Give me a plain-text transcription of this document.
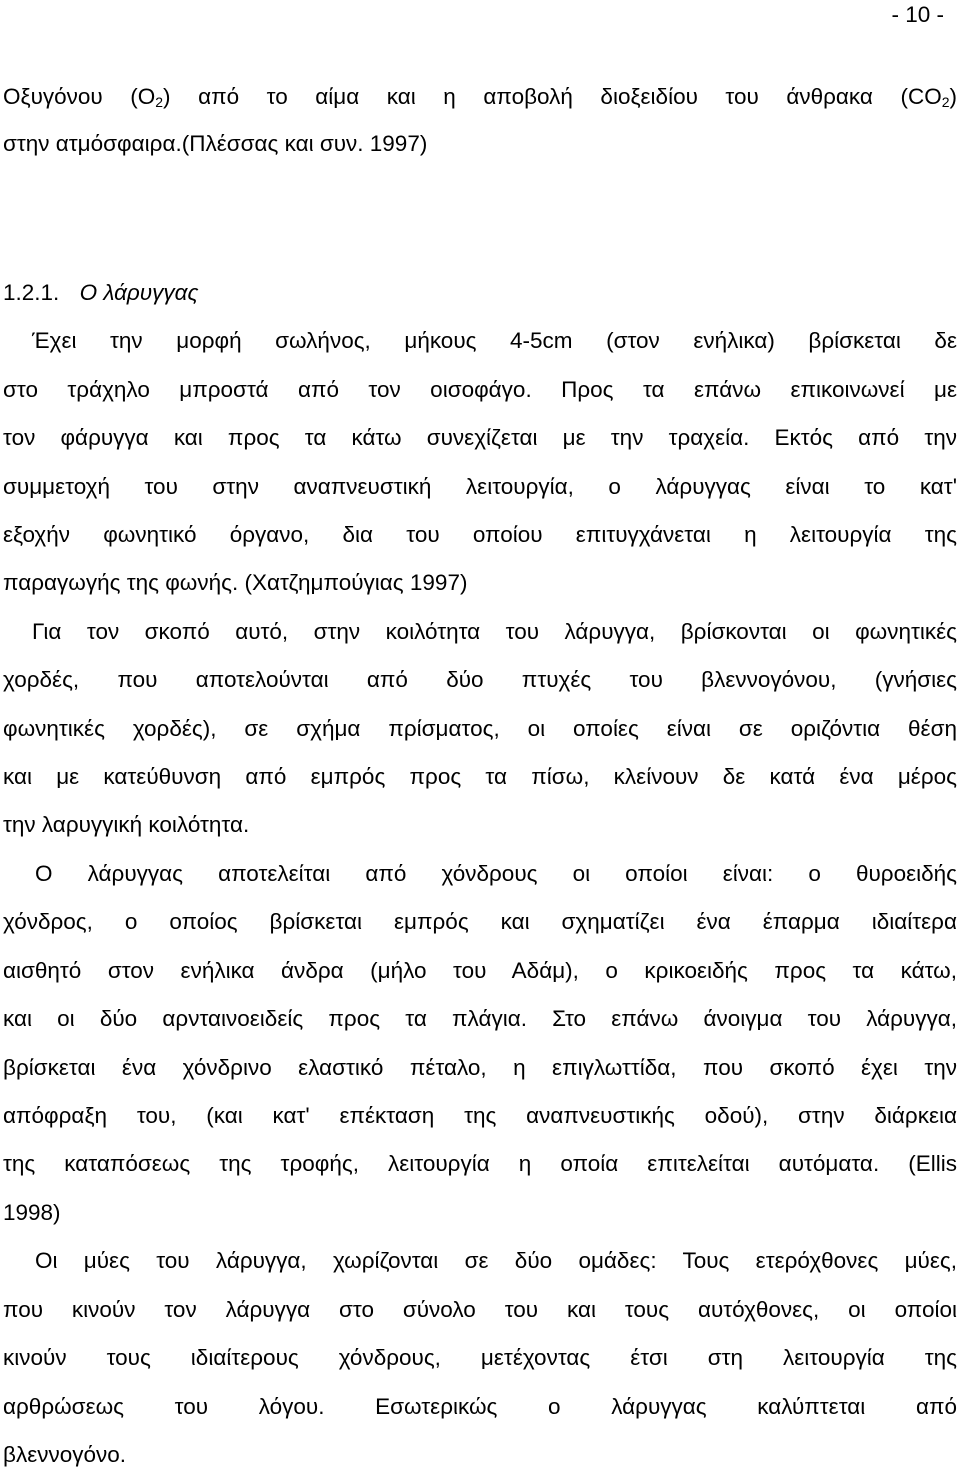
- 10 -
Οξυγόνου $(O_2)$ από το αίμα και η αποβολή διοξειδίου του άνθρακα $(CO_2)$
στην ατμόσφαιρα.(Πλέσσας και συν. 1997)
1.2.1. Ο λάρυγγας
Έχει την μορφή σωλήνος, μήκους 4-5cm (στον ενήλικα) βρίσκεται δε
στο τράχηλο μπροστά από τον οισοφάγο. Προς τα επάνω επικοινωνεί με
τον φάρυγγα και προς τα κάτω συνεχίζεται με την τραχεία. Εκτός από την
συμμετοχή του στην αναπνευστική λειτουργία, ο λάρυγγας είναι το κατ'
εξοχήν φωνητικό όργανο, δια του οποίου επιτυγχάνεται η λειτουργία της
παραγωγής της φωνής. (Χατζημπούγιας 1997)
Για τον σκοπό αυτό, στην κοιλότητα του λάρυγγα, βρίσκονται οι φωνητικές
χορδές, που αποτελούνται από δύο πτυχές του βλεννογόνου, (γνήσιες
φωνητικές χορδές), σε σχήμα πρίσματος, οι οποίες είναι σε οριζόντια θέση
και με κατεύθυνση από εμπρός προς τα πίσω, κλείνουν δε κατά ένα μέρος
την λαρυγγική κοιλότητα.
Ο λάρυγγας αποτελείται από χόνδρους οι οποίοι είναι: ο θυροειδής
χόνδρος, ο οποίος βρίσκεται εμπρός και σχηματίζει ένα έπαρμα ιδιαίτερα
αισθητό στον ενήλικα άνδρα (μήλο του Αδάμ), ο κρικοειδής προς τα κάτω,
και οι δύο αρνταινοειδείς προς τα πλάγια. Στο επάνω άνοιγμα του λάρυγγα,
βρίσκεται ένα χόνδρινο ελαστικό πέταλο, η επιγλωττίδα, που σκοπό έχει την
απόφραξη του, (και κατ' επέκταση της αναπνευστικής οδού), στην διάρκεια
της καταπόσεως της τροφής, λειτουργία η οποία επιτελείται αυτόματα. (Ellis
1998)
Οι μύες του λάρυγγα, χωρίζονται σε δύο ομάδες: Τους ετερόχθονες μύες,
που κινούν τον λάρυγγα στο σύνολο του και τους αυτόχθονες, οι οποίοι
κινούν τους ιδιαίτερους χόνδρους, μετέχοντας έτσι στη λειτουργία της
αρθρώσεως του λόγου. Εσωτερικώς ο λάρυγγας καλύπτεται από
βλεννογόνο.
